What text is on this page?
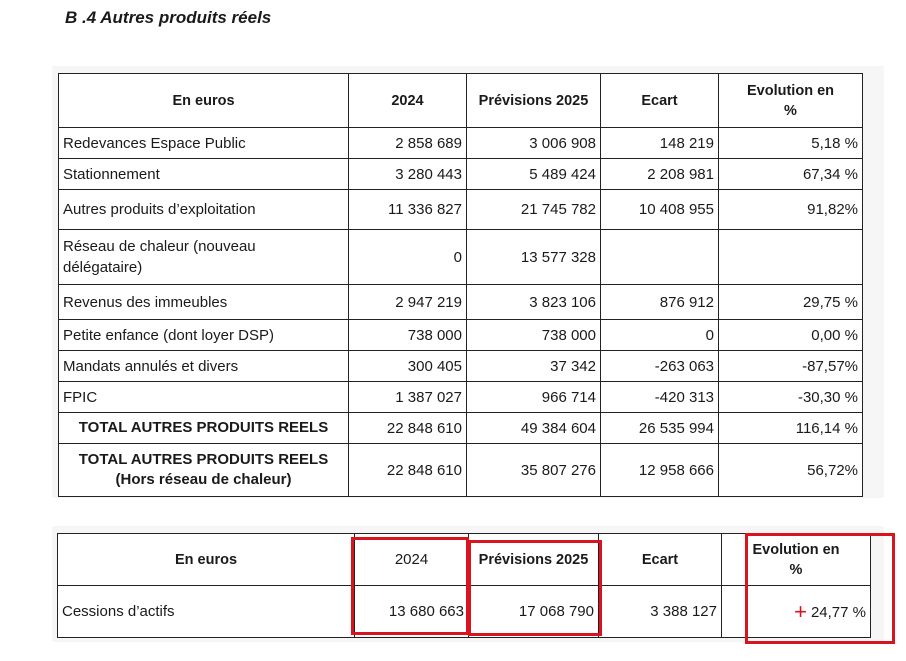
B .4 Autres produits réels
En euros	2024	Prévisions 2025	Ecart	Evolution en %
Redevances Espace Public	2 858 689	3 006 908	148 219	5,18 %
Stationnement	3 280 443	5 489 424	2 208 981	67,34 %
Autres produits d’exploitation	11 336 827	21 745 782	10 408 955	91,82%
Réseau de chaleur (nouveau délégataire)	0	13 577 328		
Revenus des immeubles	2 947 219	3 823 106	876 912	29,75 %
Petite enfance (dont loyer DSP)	738 000	738 000	0	0,00 %
Mandats annulés et divers	300 405	37 342	-263 063	-87,57%
FPIC	1 387 027	966 714	-420 313	-30,30 %
TOTAL AUTRES PRODUITS REELS	22 848 610	49 384 604	26 535 994	116,14 %

TOTAL AUTRES PRODUITS REELS
(Hors réseau de chaleur)	22 848 610	35 807 276	12 958 666	56,72%
En euros	2024	Prévisions 2025	Ecart	Evolution en %
Cessions d’actifs	13 680 663	17 068 790	3 388 127	+ 24,77 %
